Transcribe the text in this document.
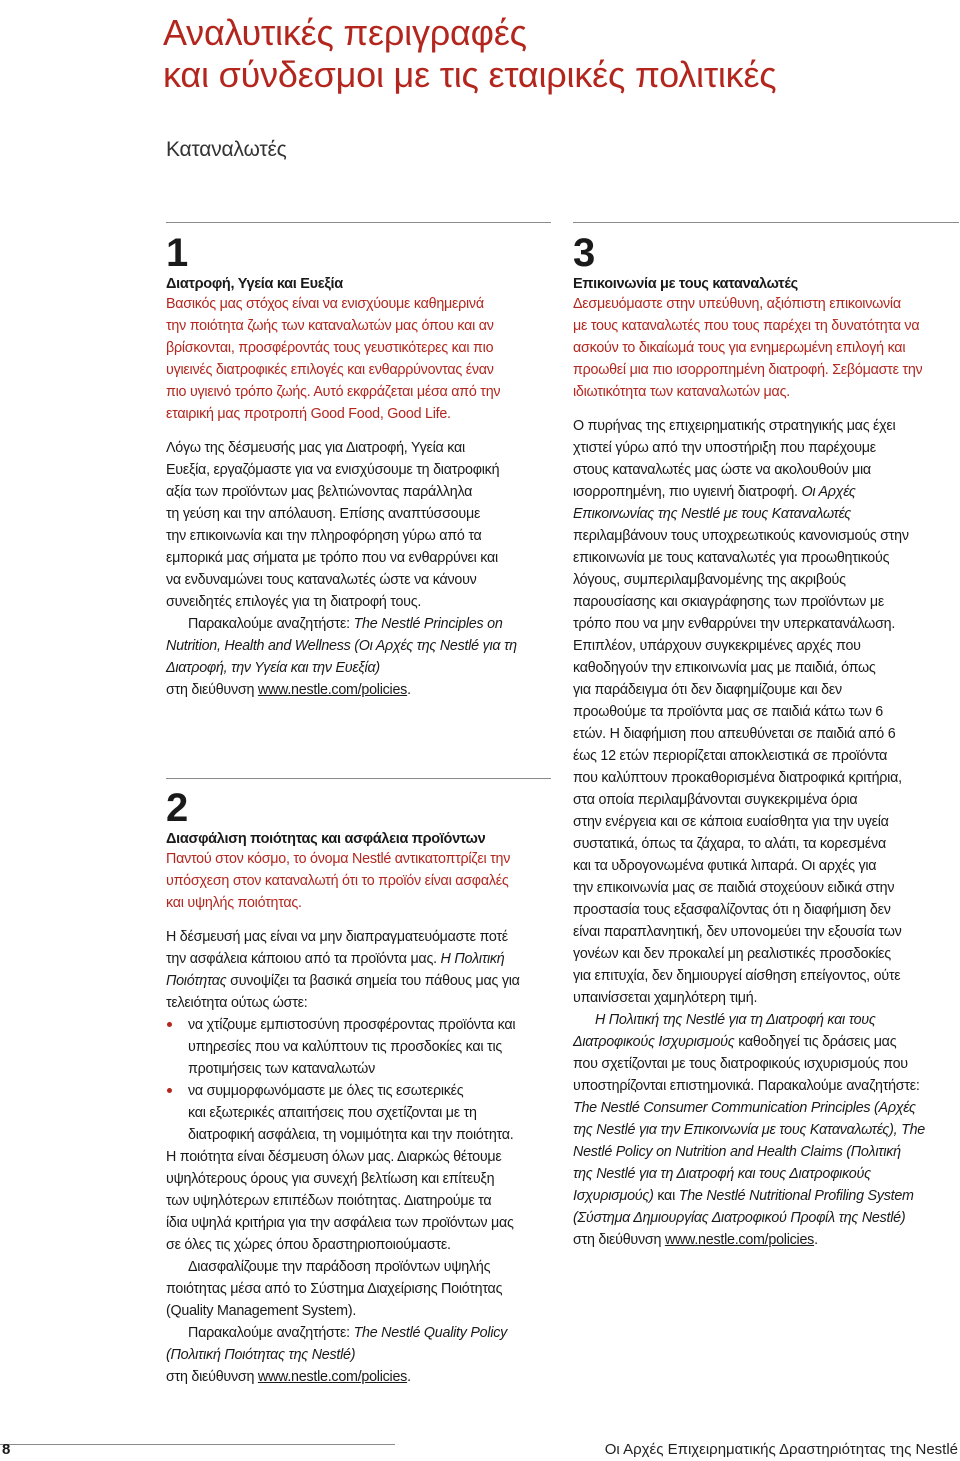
Αναλυτικές περιγραφές
και σύνδεσμοι με τις εταιρικές πολιτικές
Καταναλωτές
1
Διατροφή, Υγεία και Ευεξία
Βασικός μας στόχος είναι να ενισχύουμε καθημερινά
την ποιότητα ζωής των καταναλωτών μας όπου και αν
βρίσκονται, προσφέροντάς τους γευστικότερες και πιο
υγιεινές διατροφικές επιλογές και ενθαρρύνοντας έναν
πιο υγιεινό τρόπο ζωής. Αυτό εκφράζεται μέσα από την
εταιρική μας προτροπή Good Food, Good Life.
Λόγω της δέσμευσής μας για Διατροφή, Υγεία και
Ευεξία, εργαζόμαστε για να ενισχύσουμε τη διατροφική
αξία των προϊόντων μας βελτιώνοντας παράλληλα
τη γεύση και την απόλαυση. Επίσης αναπτύσσουμε
την επικοινωνία και την πληροφόρηση γύρω από τα
εμπορικά μας σήματα με τρόπο που να ενθαρρύνει και
να ενδυναμώνει τους καταναλωτές ώστε να κάνουν
συνειδητές επιλογές για τη διατροφή τους.
Παρακαλούμε αναζητήστε: The Nestlé Principles on
Nutrition, Health and Wellness (Οι Αρχές της Nestlé για τη
Διατροφή, την Υγεία και την Ευεξία)
στη διεύθυνση www.nestle.com/policies.
2
Διασφάλιση ποιότητας και ασφάλεια προϊόντων
Παντού στον κόσμο, το όνομα Nestlé αντικατοπτρίζει την
υπόσχεση στον καταναλωτή ότι το προϊόν είναι ασφαλές
και υψηλής ποιότητας.
Η δέσμευσή μας είναι να μην διαπραγματευόμαστε ποτέ
την ασφάλεια κάποιου από τα προϊόντα μας. Η Πολιτική
Ποιότητας συνοψίζει τα βασικά σημεία του πάθους μας για
τελειότητα ούτως ώστε:
να χτίζουμε εμπιστοσύνη προσφέροντας προϊόντα και
υπηρεσίες που να καλύπτουν τις προσδοκίες και τις
προτιμήσεις των καταναλωτών
να συμμορφωνόμαστε με όλες τις εσωτερικές
και εξωτερικές απαιτήσεις που σχετίζονται με τη
διατροφική ασφάλεια, τη νομιμότητα και την ποιότητα.
Η ποιότητα είναι δέσμευση όλων μας. Διαρκώς θέτουμε
υψηλότερους όρους για συνεχή βελτίωση και επίτευξη
των υψηλότερων επιπέδων ποιότητας. Διατηρούμε τα
ίδια υψηλά κριτήρια για την ασφάλεια των προϊόντων μας
σε όλες τις χώρες όπου δραστηριοποιούμαστε.
Διασφαλίζουμε την παράδοση προϊόντων υψηλής
ποιότητας μέσα από το Σύστημα Διαχείρισης Ποιότητας
(Quality Management System).
Παρακαλούμε αναζητήστε: The Nestlé Quality Policy
(Πολιτική Ποιότητας της Nestlé)
στη διεύθυνση www.nestle.com/policies.
3
Επικοινωνία με τους καταναλωτές
Δεσμευόμαστε στην υπεύθυνη, αξιόπιστη επικοινωνία
με τους καταναλωτές που τους παρέχει τη δυνατότητα να
ασκούν το δικαίωμά τους για ενημερωμένη επιλογή και
προωθεί μια πιο ισορροπημένη διατροφή. Σεβόμαστε την
ιδιωτικότητα των καταναλωτών μας.
Ο πυρήνας της επιχειρηματικής στρατηγικής μας έχει
χτιστεί γύρω από την υποστήριξη που παρέχουμε
στους καταναλωτές μας ώστε να ακολουθούν μια
ισορροπημένη, πιο υγιεινή διατροφή. Οι Αρχές
Επικοινωνίας της Nestlé με τους Καταναλωτές
περιλαμβάνουν τους υποχρεωτικούς κανονισμούς στην
επικοινωνία με τους καταναλωτές για προωθητικούς
λόγους, συμπεριλαμβανομένης της ακριβούς
παρουσίασης και σκιαγράφησης των προϊόντων με
τρόπο που να μην ενθαρρύνει την υπερκατανάλωση.
Επιπλέον, υπάρχουν συγκεκριμένες αρχές που
καθοδηγούν την επικοινωνία μας με παιδιά, όπως
για παράδειγμα ότι δεν διαφημίζουμε και δεν
προωθούμε τα προϊόντα μας σε παιδιά κάτω των 6
ετών. Η διαφήμιση που απευθύνεται σε παιδιά από 6
έως 12 ετών περιορίζεται αποκλειστικά σε προϊόντα
που καλύπτουν προκαθορισμένα διατροφικά κριτήρια,
στα οποία περιλαμβάνονται συγκεκριμένα όρια
στην ενέργεια και σε κάποια ευαίσθητα για την υγεία
συστατικά, όπως τα ζάχαρα, το αλάτι, τα κορεσμένα
και τα υδρογονωμένα φυτικά λιπαρά. Οι αρχές για
την επικοινωνία μας σε παιδιά στοχεύουν ειδικά στην
προστασία τους εξασφαλίζοντας ότι η διαφήμιση δεν
είναι παραπλανητική, δεν υπονομεύει την εξουσία των
γονέων και δεν προκαλεί μη ρεαλιστικές προσδοκίες
για επιτυχία, δεν δημιουργεί αίσθηση επείγοντος, ούτε
υπαινίσσεται χαμηλότερη τιμή.
Η Πολιτική της Nestlé για τη Διατροφή και τους
Διατροφικούς Ισχυρισμούς καθοδηγεί τις δράσεις μας
που σχετίζονται με τους διατροφικούς ισχυρισμούς που
υποστηρίζονται επιστημονικά. Παρακαλούμε αναζητήστε:
The Nestlé Consumer Communication Principles (Αρχές
της Nestlé για την Επικοινωνία με τους Καταναλωτές), The
Nestlé Policy on Nutrition and Health Claims (Πολιτική
της Nestlé για τη Διατροφή και τους Διατροφικούς
Ισχυρισμούς) και The Nestlé Nutritional Profiling System
(Σύστημα Δημιουργίας Διατροφικού Προφίλ της Nestlé)
στη διεύθυνση www.nestle.com/policies.
8	Οι Αρχές Επιχειρηματικής Δραστηριότητας της Nestlé
